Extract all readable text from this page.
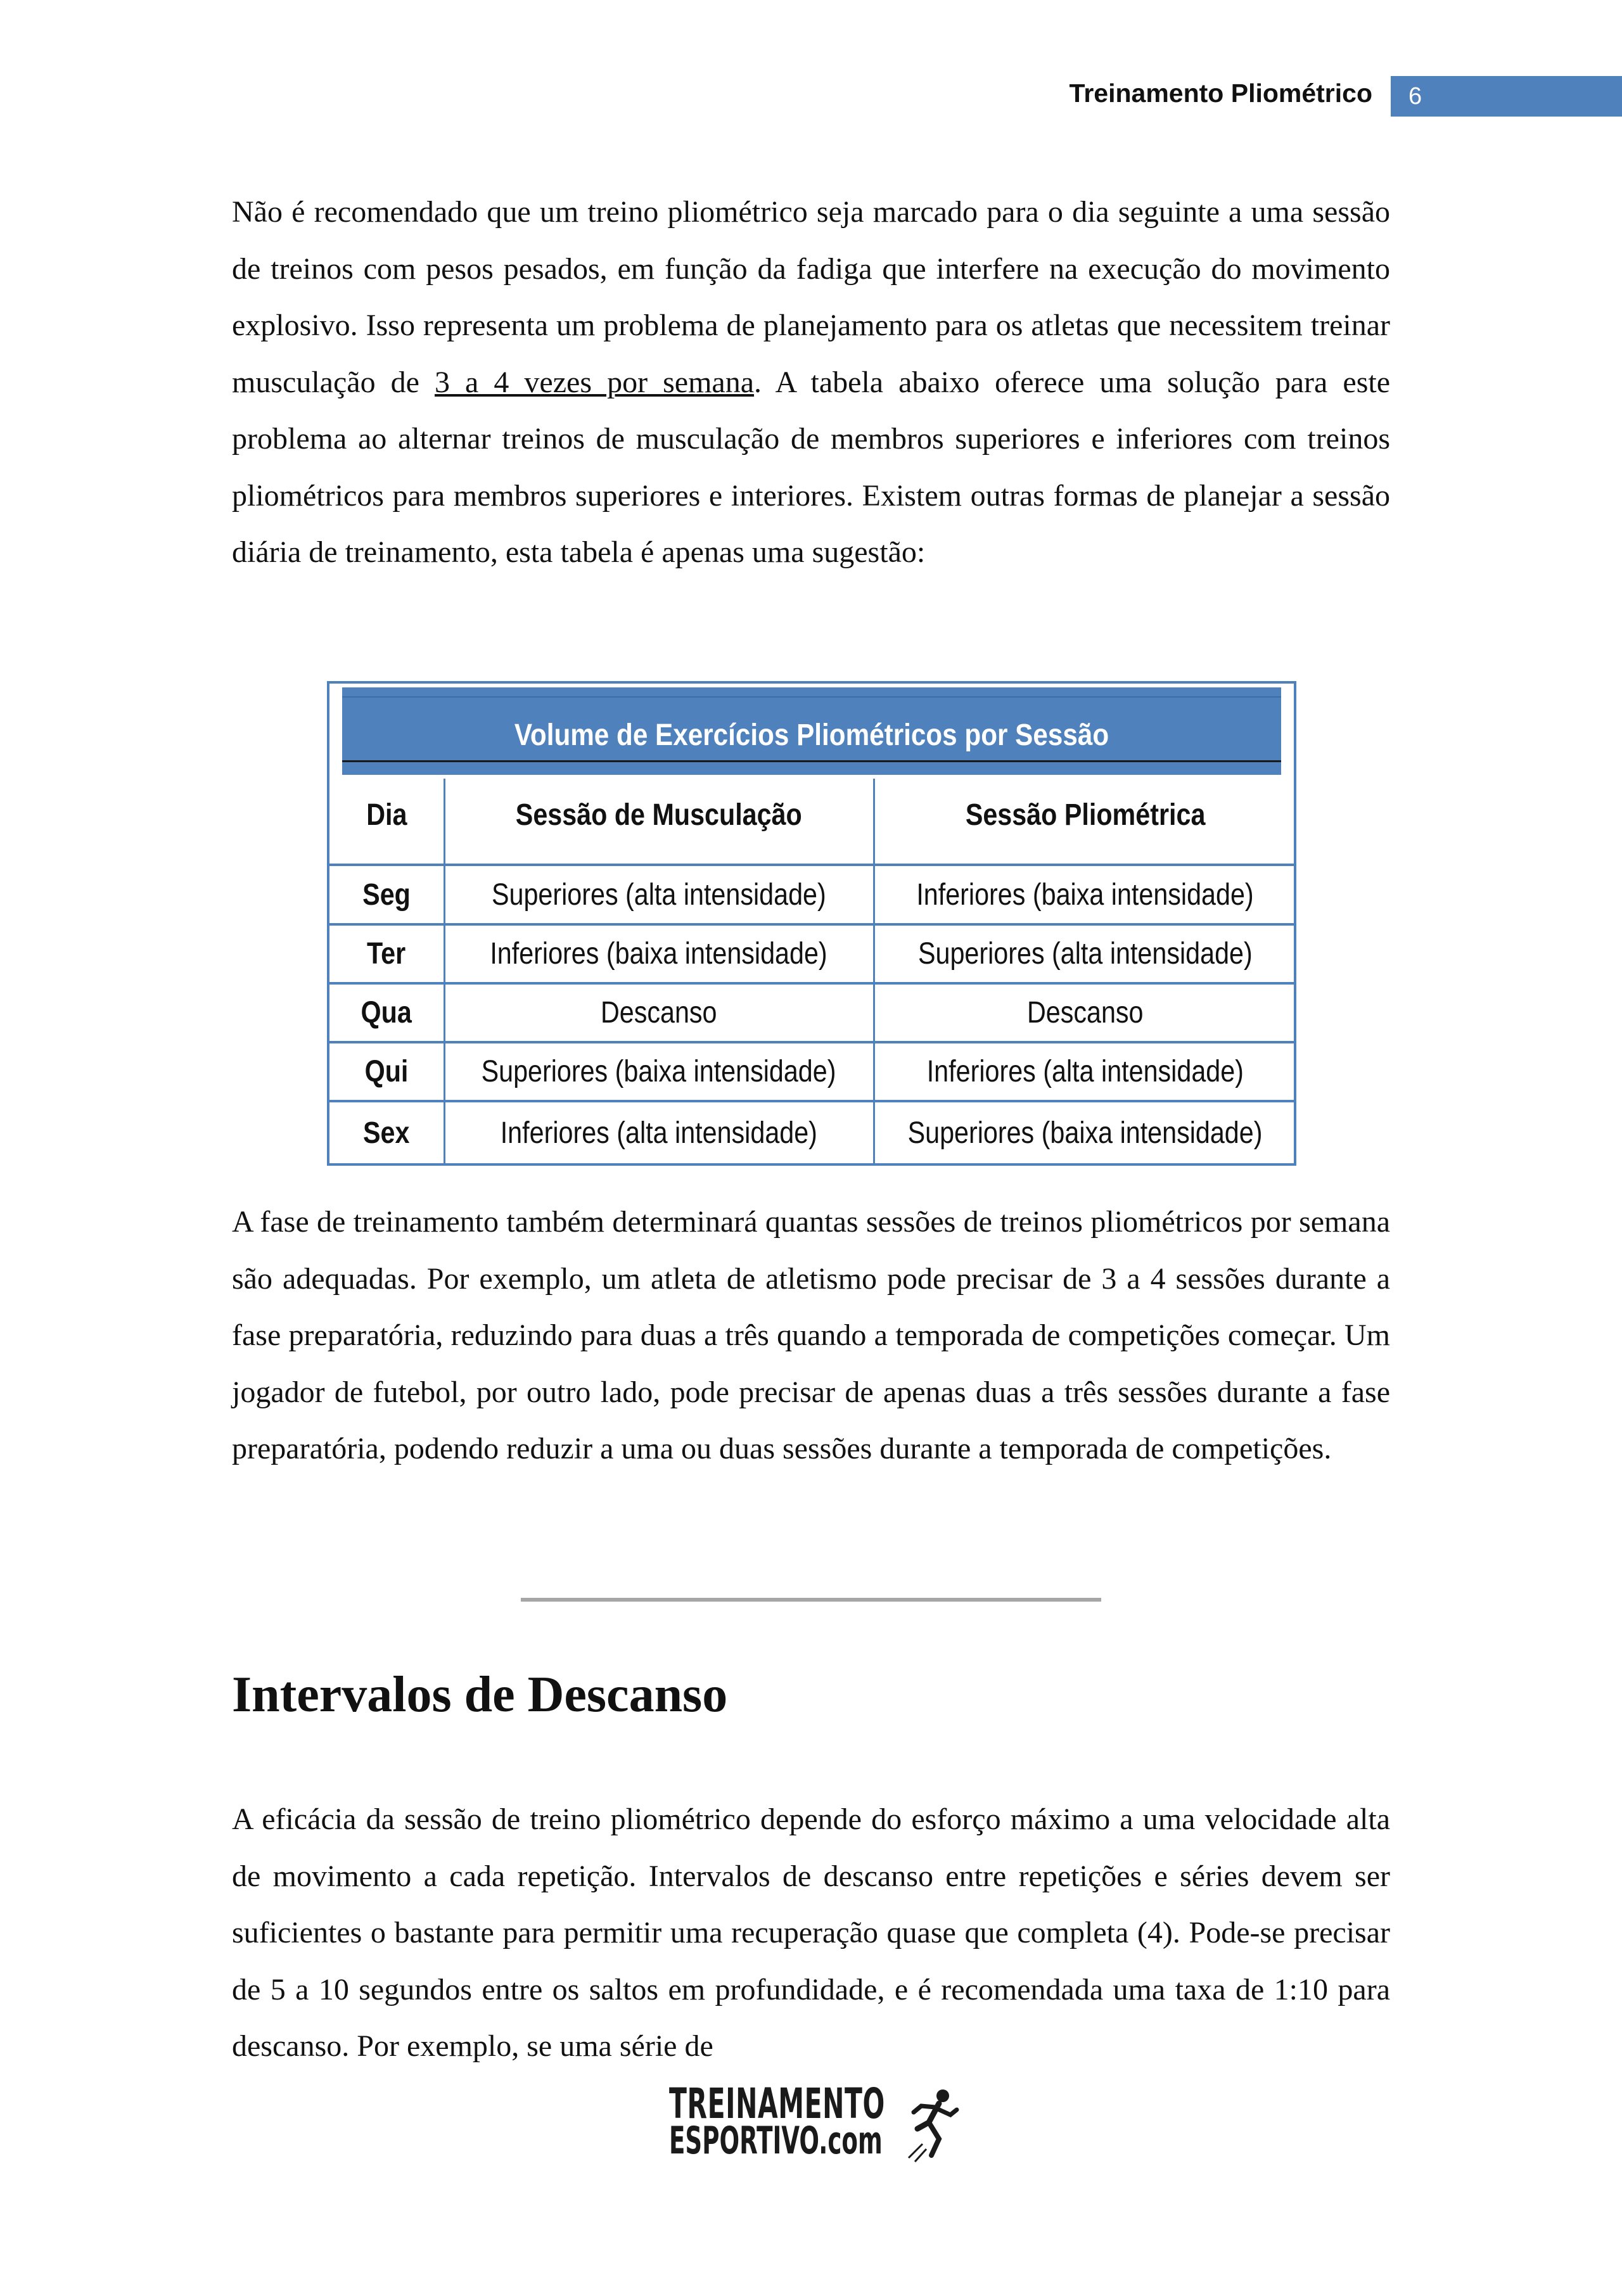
Treinamento Pliométrico	6

Não é recomendado que um treino pliométrico seja marcado para o dia seguinte a uma sessão de treinos com pesos pesados, em função da fadiga que interfere na execução do movimento explosivo. Isso representa um problema de planejamento para os atletas que necessitem treinar musculação de 3 a 4 vezes por semana. A tabela abaixo oferece uma solução para este problema ao alternar treinos de musculação de membros superiores e inferiores com treinos pliométricos para membros superiores e interiores. Existem outras formas de planejar a sessão diária de treinamento, esta tabela é apenas uma sugestão:

Volume de Exercícios Pliométricos por Sessão
Dia	Sessão de Musculação	Sessão Pliométrica
Seg	Superiores (alta intensidade)	Inferiores (baixa intensidade)
Ter	Inferiores (baixa intensidade)	Superiores (alta intensidade)
Qua	Descanso	Descanso
Qui Superiores (baixa intensidade)	Inferiores (alta intensidade)
Sex	Inferiores (alta intensidade)	Superiores (baixa intensidade)

A fase de treinamento também determinará quantas sessões de treinos pliométricos por semana são adequadas. Por exemplo, um atleta de atletismo pode precisar de 3 a 4 sessões durante a fase preparatória, reduzindo para duas a três quando a temporada de competições começar. Um jogador de futebol, por outro lado, pode precisar de apenas duas a três sessões durante a fase preparatória, podendo reduzir a uma ou duas sessões durante a temporada de competições.

Intervalos de Descanso

A eficácia da sessão de treino pliométrico depende do esforço máximo a uma velocidade alta de movimento a cada repetição. Intervalos de descanso entre repetições e séries devem ser suficientes o bastante para permitir uma recuperação quase que completa (4). Pode-se precisar de 5 a 10 segundos entre os saltos em profundidade, e é recomendada uma taxa de 1:10 para descanso. Por exemplo, se uma série de

TREINAMENTO
ESPORTIVO.com
